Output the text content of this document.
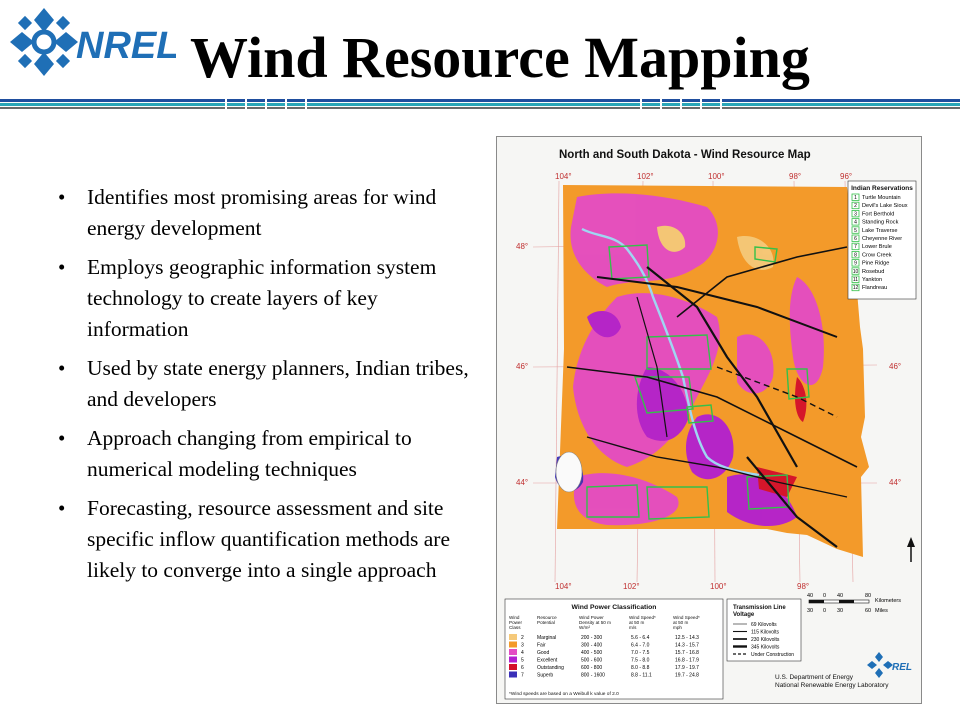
NREL Wind Resource Mapping
• Identifies most promising areas for wind energy development
• Employs geographic information system technology to create layers of key information
• Used by state energy planners, Indian tribes, and developers
• Approach changing from empirical to numerical modeling techniques
• Forecasting, resource assessment and site specific inflow quantification methods are likely to converge into a single approach
North and South Dakota - Wind Resource Map
104°	102°	100°	98°	96°
104°	102°	100°	98°
48°
46°
44°
46°
44°
Indian Reservations
1 Turtle Mountain
2 Devil's Lake Sioux
3 Fort Berthold
4 Standing Rock
5 Lake Traverse
6 Cheyenne River
7 Lower Brule
8 Crow Creek
9 Pine Ridge
10 Rosebud
11 Yankton
12 Flandreau
40 0 40	80
Kilometers
30 0 30	60 Miles
Wind Power Classification
Wind
Power
Class
Resource
Potential
Wind Power
Density at 50 m
W/m²
Wind Speed*
at 50 m
m/s
Wind Speed*
at 50 m
mph
2	Marginal	200 - 300	5.6 - 6.4	12.5 - 14.3
3	Fair	300 - 400	6.4 - 7.0	14.3 - 15.7
4	Good	400 - 500	7.0 - 7.5	15.7 - 16.8
5	Excellent	500 - 600	7.5 - 8.0	16.8 - 17.9
6	Outstanding	600 - 800	8.0 - 8.8	17.9 - 19.7
7	Superb	800 - 1600	8.8 - 11.1	19.7 - 24.8
*Wind speeds are based on a Weibull k value of 2.0
Transmission Line
Voltage
69 Kilovolts
115 Kilovolts
230 Kilovolts
345 Kilovolts
Under Construction
U.S. Department of Energy
National Renewable Energy Laboratory
REL
